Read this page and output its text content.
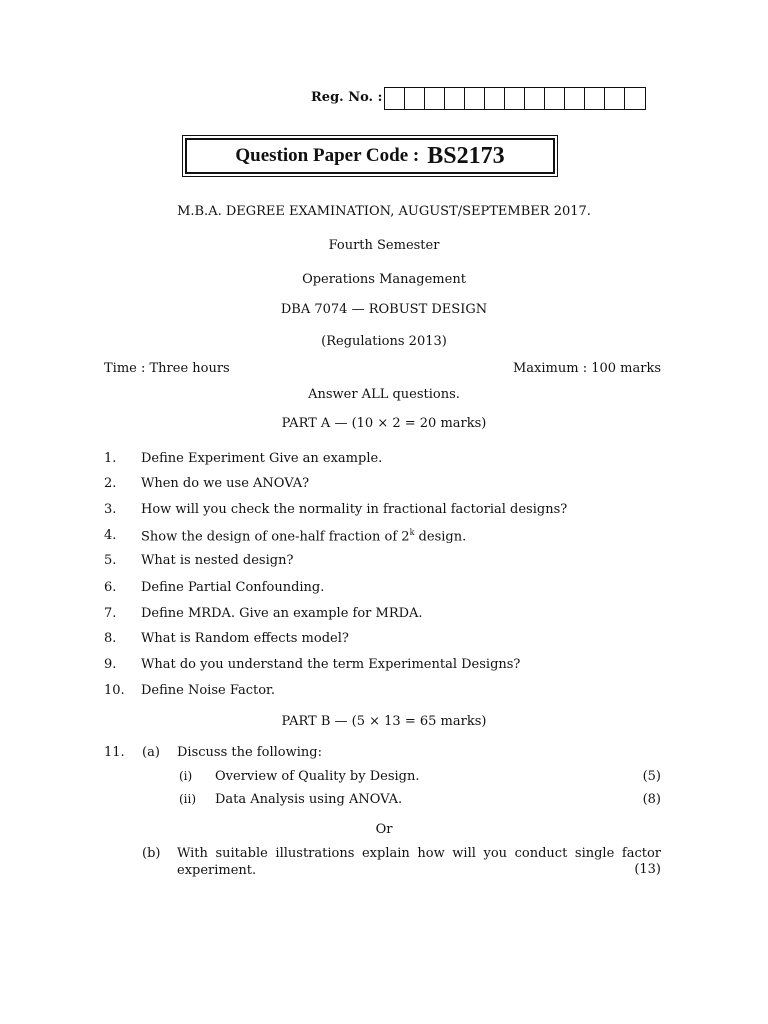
Reg. No. :
Question Paper Code : BS2173
M.B.A. DEGREE EXAMINATION, AUGUST/SEPTEMBER 2017.
Fourth Semester
Operations Management
DBA 7074 — ROBUST DESIGN
(Regulations 2013)
Time : Three hours	Maximum : 100 marks
Answer ALL questions.
PART A — (10 × 2 = 20 marks)
1. Define Experiment Give an example.
2. When do we use ANOVA?
3. How will you check the normality in fractional factorial designs?
4. Show the design of one-half fraction of 2$^k$ design.
5. What is nested design?
6. Define Partial Confounding.
7. Define MRDA. Give an example for MRDA.
8. What is Random effects model?
9. What do you understand the term Experimental Designs?
10. Define Noise Factor.
PART B — (5 × 13 = 65 marks)
11. (a) Discuss the following:
(i) Overview of Quality by Design.	(5)
(ii) Data Analysis using ANOVA.	(8)
Or
(b) With suitable illustrations explain how will you conduct single factor experiment.	(13)
